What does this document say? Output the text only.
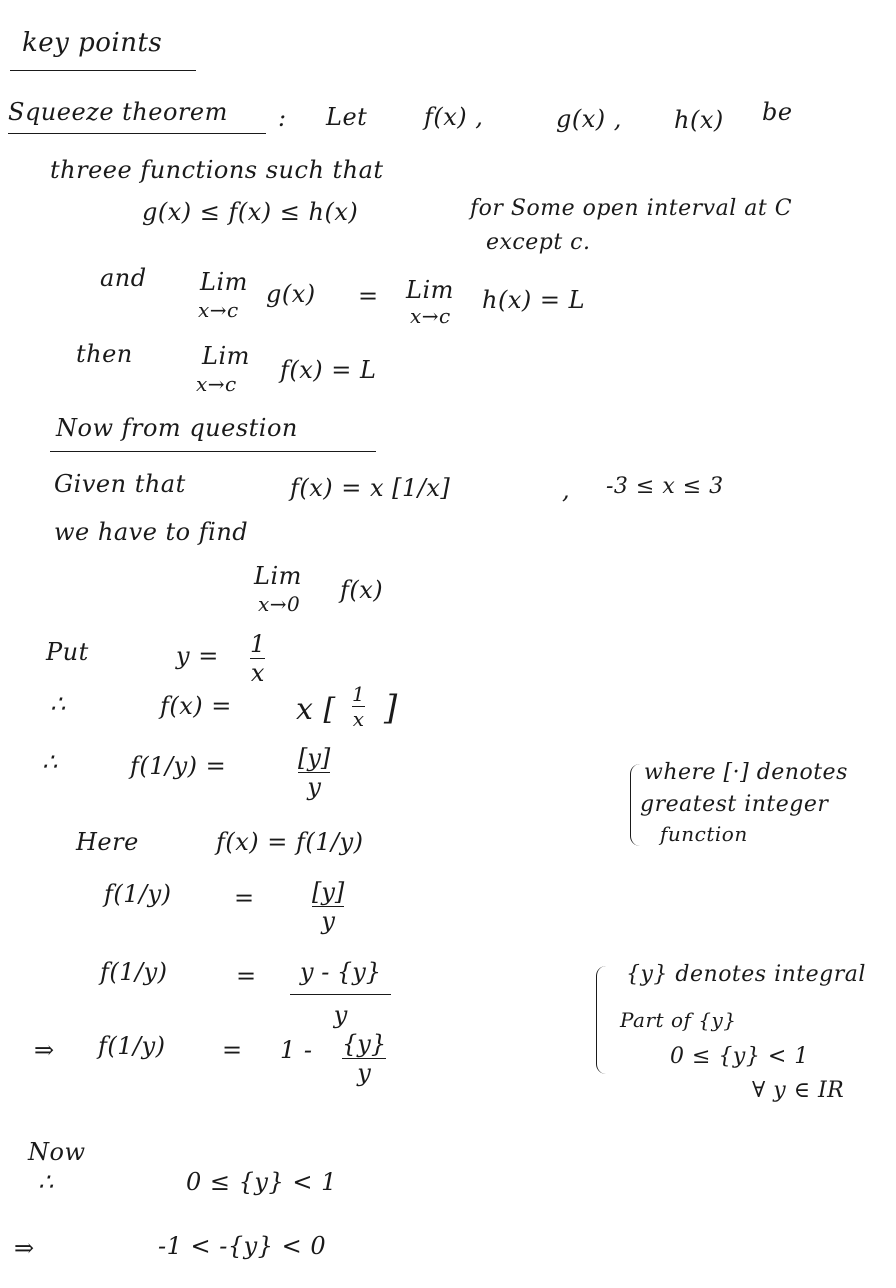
key points
Squeeze theorem : Let f(x) ,	g(x) , h(x) be
threee functions such that
g(x) ≤ f(x) ≤ h(x)	for Some open interval at C
except c.
and Lim
x→c
g(x) = Lim
x→c
h(x) = L
then	Lim
x→c f(x) = L
Now from question
Given that	f(x) = x [1/x]	, -3 ≤ x ≤ 3
we have to find
Lim
x→0 f(x)
Put	y = 1
x
∴	f(x) = x [ 1
x ]
∴	f(1/y) =	[y]
y
Here	f(x) = f(1/y)
f(1/y)	= [y]
y
f(1/y)	=	y - {y}
y
⇒ f(1/y) = 1 - {y}
y
Now
∴	0 ≤ {y} < 1
⇒	-1 < -{y} < 0
where [·] denotes
greatest integer
function
{y} denotes integral
Part of {y}
0 ≤ {y} < 1
∀ y ∈ IR
